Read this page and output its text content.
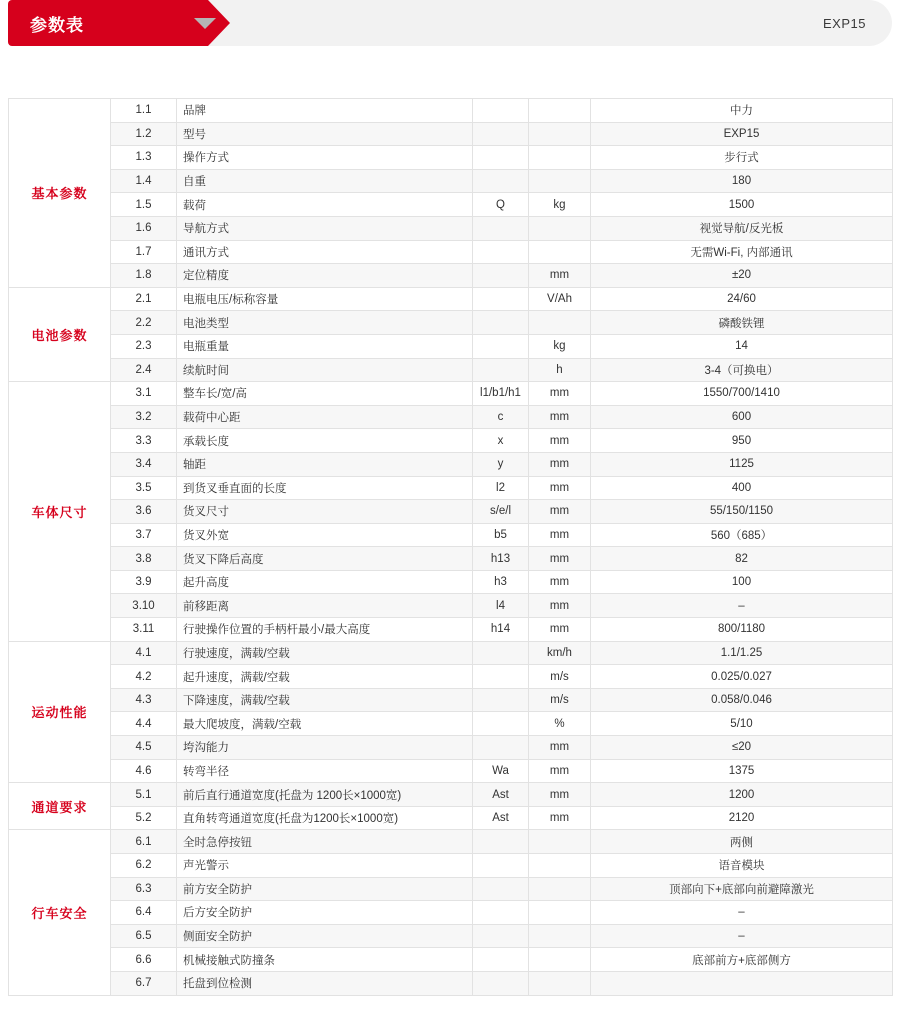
参数表	EXP15
基本参数	1.1	品牌			中力
	1.2	型号			EXP15
	1.3	操作方式			步行式
	1.4	自重			180
	1.5	载荷	Q	kg	1500
	1.6	导航方式			视觉导航/反光板
	1.7	通讯方式			无需Wi-Fi, 内部通讯
	1.8	定位精度		mm	±20
电池参数	2.1	电瓶电压/标称容量		V/Ah	24/60
	2.2	电池类型			磷酸铁锂
	2.3	电瓶重量		kg	14
	2.4	续航时间		h	3-4（可换电）
车体尺寸	3.1	整车长/宽/高	l1/b1/h1	mm	1550/700/1410
	3.2	载荷中心距	c	mm	600
	3.3	承载长度	x	mm	950
	3.4	轴距	y	mm	1125
	3.5	到货叉垂直面的长度	l2	mm	400
	3.6	货叉尺寸	s/e/l	mm	55/150/1150
	3.7	货叉外宽	b5	mm	560（685）
	3.8	货叉下降后高度	h13	mm	82
	3.9	起升高度	h3	mm	100
	3.10	前移距离	l4	mm	–
	3.11	行驶操作位置的手柄杆最小/最大高度	h14	mm	800/1180
运动性能	4.1	行驶速度，满载/空载		km/h	1.1/1.25
	4.2	起升速度，满载/空载		m/s	0.025/0.027
	4.3	下降速度，满载/空载		m/s	0.058/0.046
	4.4	最大爬坡度，满载/空载		%	5/10
	4.5	垮沟能力		mm	≤20
	4.6	转弯半径	Wa	mm	1375
通道要求	5.1	前后直行通道宽度(托盘为 1200长×1000宽)	Ast	mm	1200
	5.2	直角转弯通道宽度(托盘为1200长×1000宽)	Ast	mm	2120
行车安全	6.1	全时急停按钮			两侧
	6.2	声光警示			语音模块
	6.3	前方安全防护			顶部向下+底部向前避障激光
	6.4	后方安全防护			–
	6.5	侧面安全防护			–
	6.6	机械接触式防撞条			底部前方+底部侧方
	6.7	托盘到位检测			
